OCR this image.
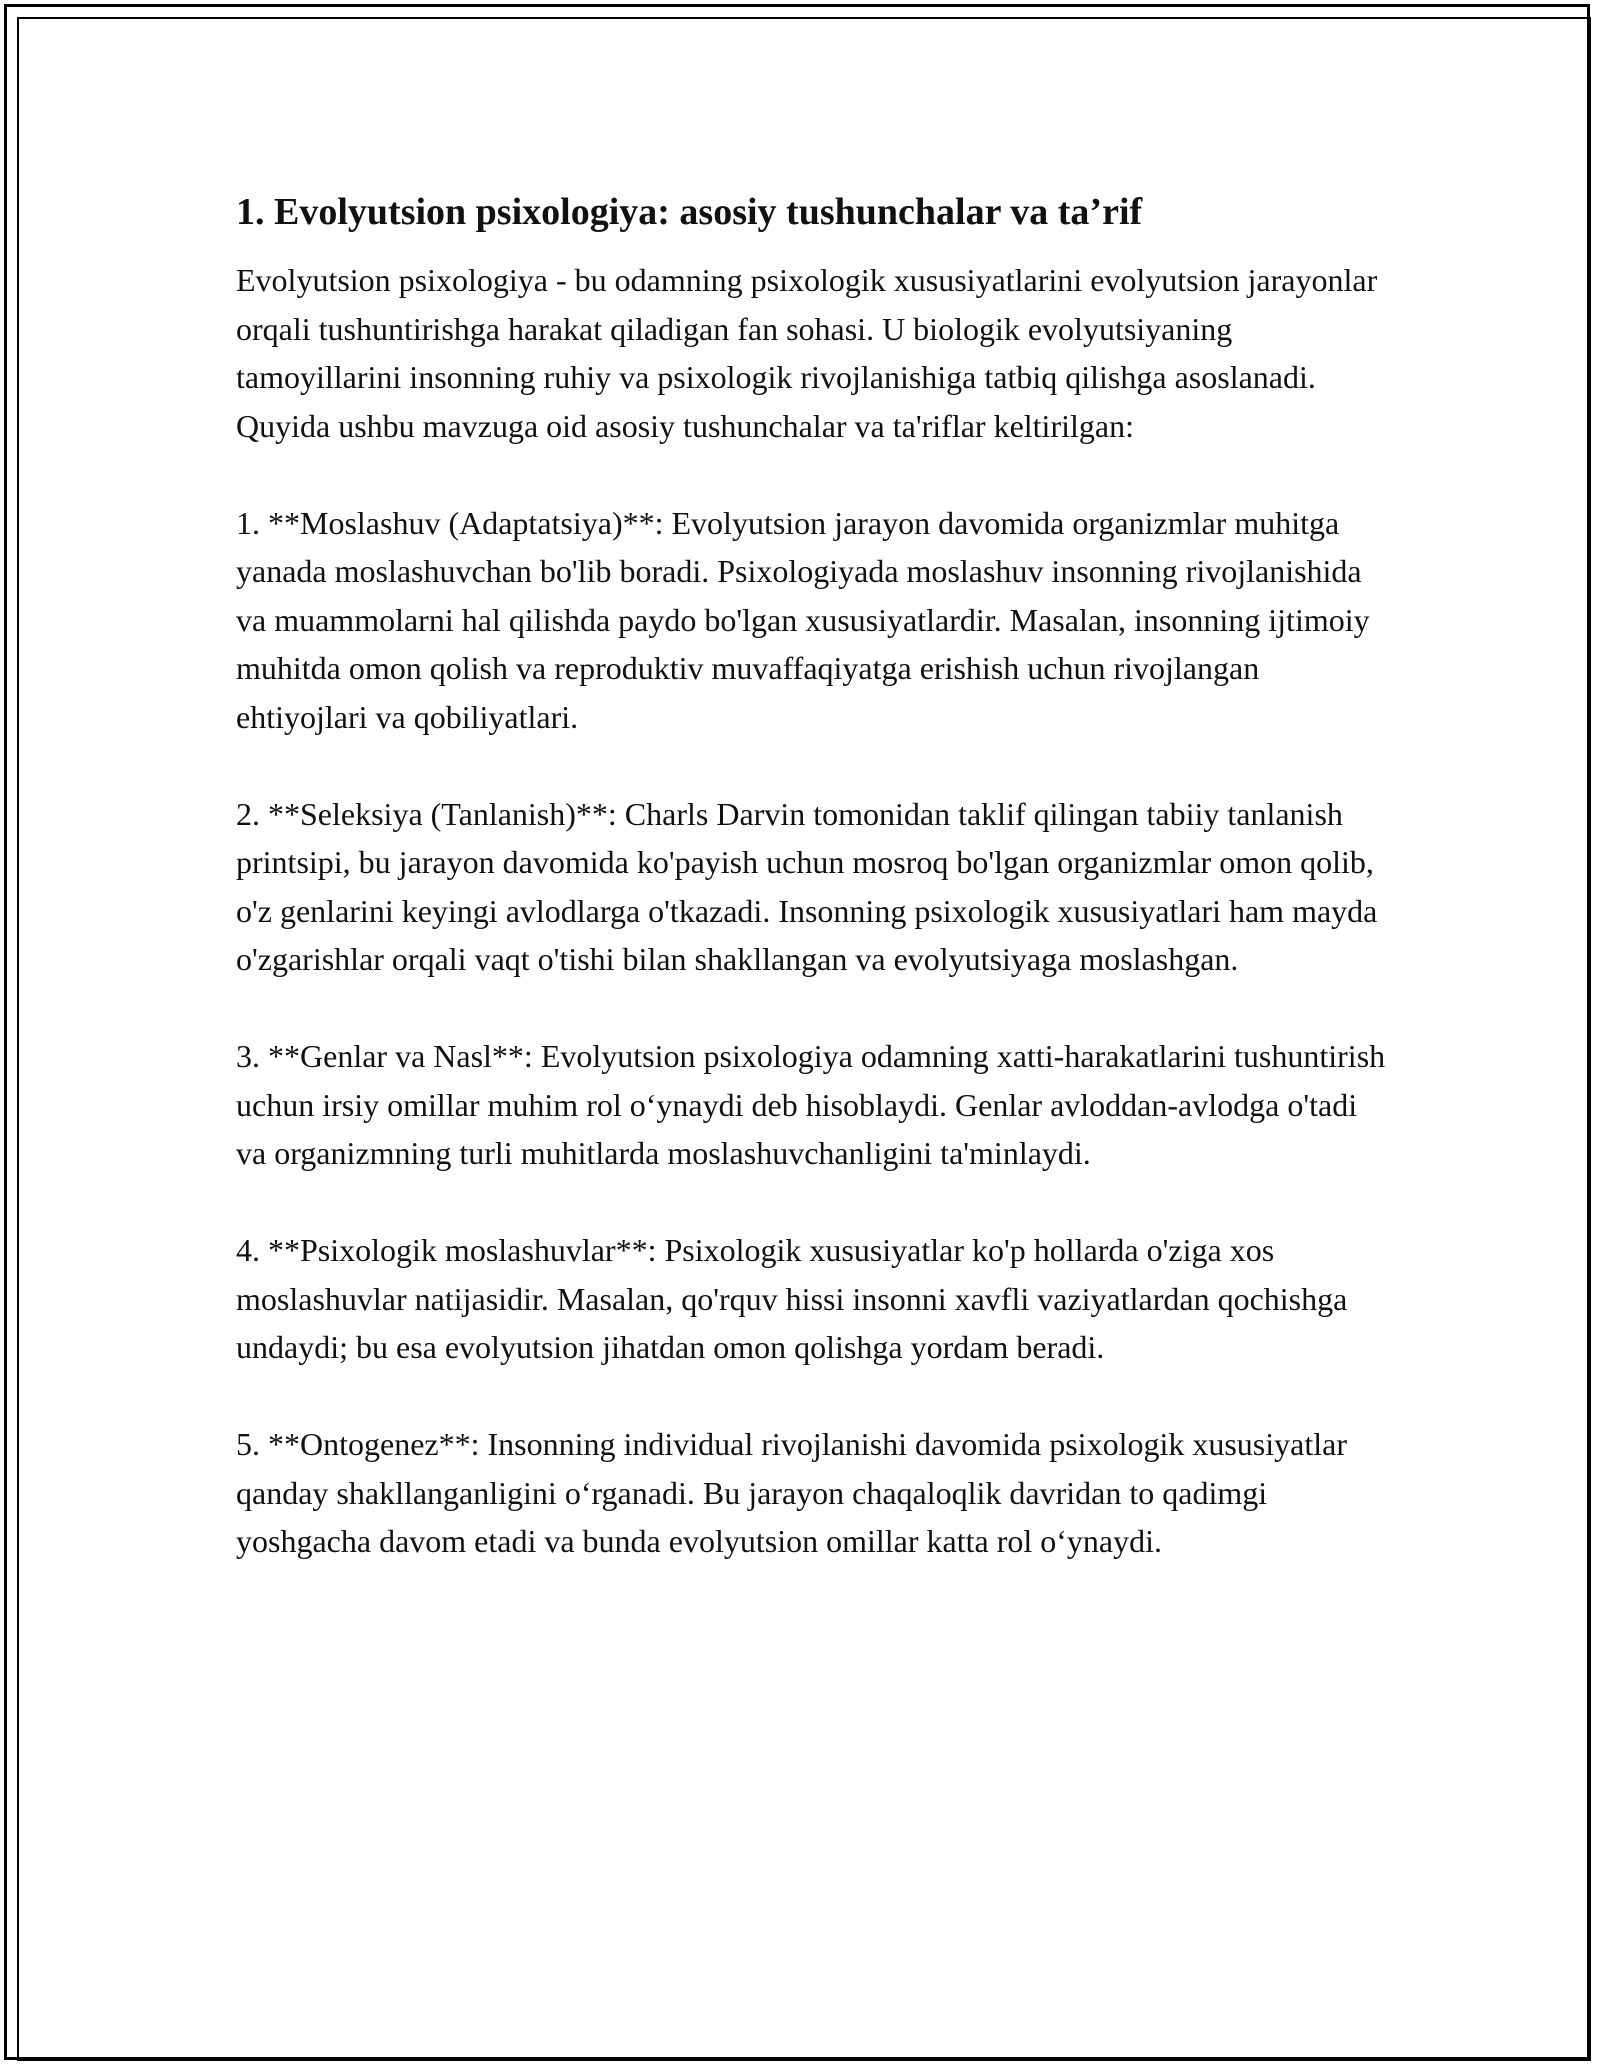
1. Evolyutsion psixologiya: asosiy tushunchalar va ta’rif

Evolyutsion psixologiya - bu odamning psixologik xususiyatlarini evolyutsion jarayonlar orqali tushuntirishga harakat qiladigan fan sohasi. U biologik evolyutsiyaning tamoyillarini insonning ruhiy va psixologik rivojlanishiga tatbiq qilishga asoslanadi. Quyida ushbu mavzuga oid asosiy tushunchalar va ta'riflar keltirilgan:

1. **Moslashuv (Adaptatsiya)**: Evolyutsion jarayon davomida organizmlar muhitga yanada moslashuvchan bo'lib boradi. Psixologiyada moslashuv insonning rivojlanishida va muammolarni hal qilishda paydo bo'lgan xususiyatlardir. Masalan, insonning ijtimoiy muhitda omon qolish va reproduktiv muvaffaqiyatga erishish uchun rivojlangan ehtiyojlari va qobiliyatlari.

2. **Seleksiya (Tanlanish)**: Charls Darvin tomonidan taklif qilingan tabiiy tanlanish printsipi, bu jarayon davomida ko'payish uchun mosroq bo'lgan organizmlar omon qolib, o'z genlarini keyingi avlodlarga o'tkazadi. Insonning psixologik xususiyatlari ham mayda o'zgarishlar orqali vaqt o'tishi bilan shakllangan va evolyutsiyaga moslashgan.

3. **Genlar va Nasl**: Evolyutsion psixologiya odamning xatti-harakatlarini tushuntirish uchun irsiy omillar muhim rol o‘ynaydi deb hisoblaydi. Genlar avloddan-avlodga o'tadi va organizmning turli muhitlarda moslashuvchanligini ta'minlaydi.

4. **Psixologik moslashuvlar**: Psixologik xususiyatlar ko'p hollarda o'ziga xos moslashuvlar natijasidir. Masalan, qo'rquv hissi insonni xavfli vaziyatlardan qochishga undaydi; bu esa evolyutsion jihatdan omon qolishga yordam beradi.

5. **Ontogenez**: Insonning individual rivojlanishi davomida psixologik xususiyatlar qanday shakllanganligini o‘rganadi. Bu jarayon chaqaloqlik davridan to qadimgi yoshgacha davom etadi va bunda evolyutsion omillar katta rol o‘ynaydi.
